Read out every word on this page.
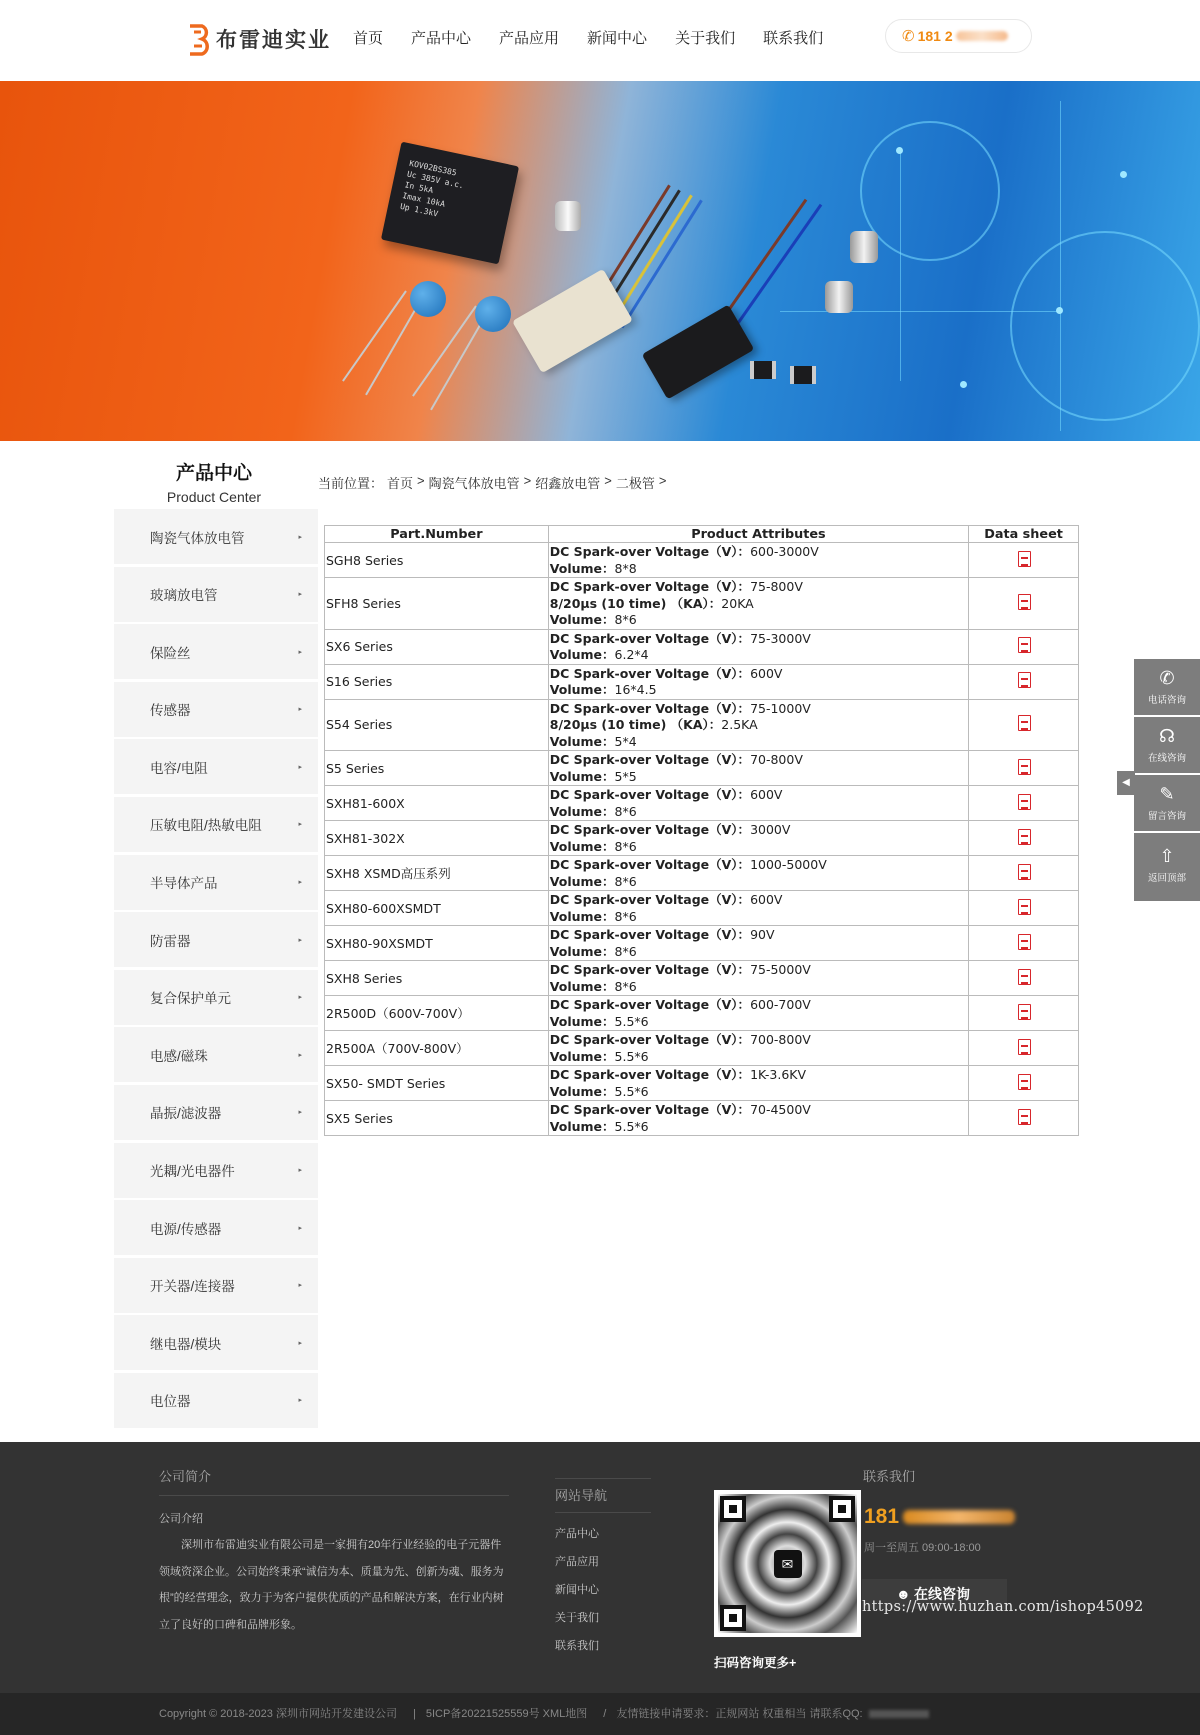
布雷迪实业 首页 产品中心 产品应用 新闻中心 关于我们 联系我们	✆ 181 2
KOV02BS385
Uc 385V a.c.
In 5kA
Imax 10kA
Up 1.3kV
产品中心
Product Center
陶瓷气体放电管	▸
玻璃放电管	▸
保险丝	▸
传感器	▸
电容/电阻	▸
压敏电阻/热敏电阻	▸
半导体产品	▸
防雷器	▸
复合保护单元	▸
电感/磁珠	▸
晶振/滤波器	▸
光耦/光电器件	▸
电源/传感器	▸
开关器/连接器	▸
继电器/模块	▸
电位器	▸
当前位置： 首页 > 陶瓷气体放电管 > 绍鑫放电管 > 二极管 >
Part.Number	Product Attributes	Data sheet
SGH8 Series	DC Spark-over Voltage（V）：600-3000V
Volume：8*8	

SFH8 Series	DC Spark-over Voltage（V）：75-800V
8/20μs (10 time) （KA）：20KA
Volume：8*6	

SX6 Series	DC Spark-over Voltage（V）：75-3000V
Volume：6.2*4	

S16 Series	DC Spark-over Voltage（V）：600V
Volume：16*4.5	

S54 Series	DC Spark-over Voltage（V）：75-1000V
8/20μs (10 time) （KA）：2.5KA
Volume：5*4	

S5 Series	DC Spark-over Voltage（V）：70-800V
Volume：5*5	

SXH81-600X	DC Spark-over Voltage（V）：600V
Volume：8*6	

SXH81-302X	DC Spark-over Voltage（V）：3000V
Volume：8*6	

SXH8 XSMD高压系列	DC Spark-over Voltage（V）：1000-5000V
Volume：8*6	

SXH80-600XSMDT	DC Spark-over Voltage（V）：600V
Volume：8*6	

SXH80-90XSMDT	DC Spark-over Voltage（V）：90V
Volume：8*6	

SXH8 Series	DC Spark-over Voltage（V）：75-5000V
Volume：8*6	

2R500D（600V-700V）	DC Spark-over Voltage（V）：600-700V
Volume：5.5*6	

2R500A（700V-800V）	DC Spark-over Voltage（V）：700-800V
Volume：5.5*6	

SX50- SMDT Series	DC Spark-over Voltage（V）：1K-3.6KV
Volume：5.5*6	

SX5 Series	DC Spark-over Voltage（V）：70-4500V
Volume：5.5*6	

◀
✆
电话咨询
☊
在线咨询
✎
留言咨询
⇧
返回顶部
公司简介
公司介绍
深圳市布雷迪实业有限公司是一家拥有20年行业经验的电子元器件领域资深企业。公司始终秉承“诚信为本、质量为先、创新为魂、服务为根”的经营理念，致力于为客户提供优质的产品和解决方案，在行业内树立了良好的口碑和品牌形象。
网站导航
产品中心
产品应用
新闻中心
关于我们
联系我们
✉
扫码咨询更多+
联系我们
181
周一至周五 09:00-18:00
☻ 在线咨询
https://www.huzhan.com/ishop45092
Copyright © 2018-2023 深圳市网站开发建设公司 | 5ICP备20221525559号 XML地图 / 友情链接申请要求：正规网站 权重相当 请联系QQ:
